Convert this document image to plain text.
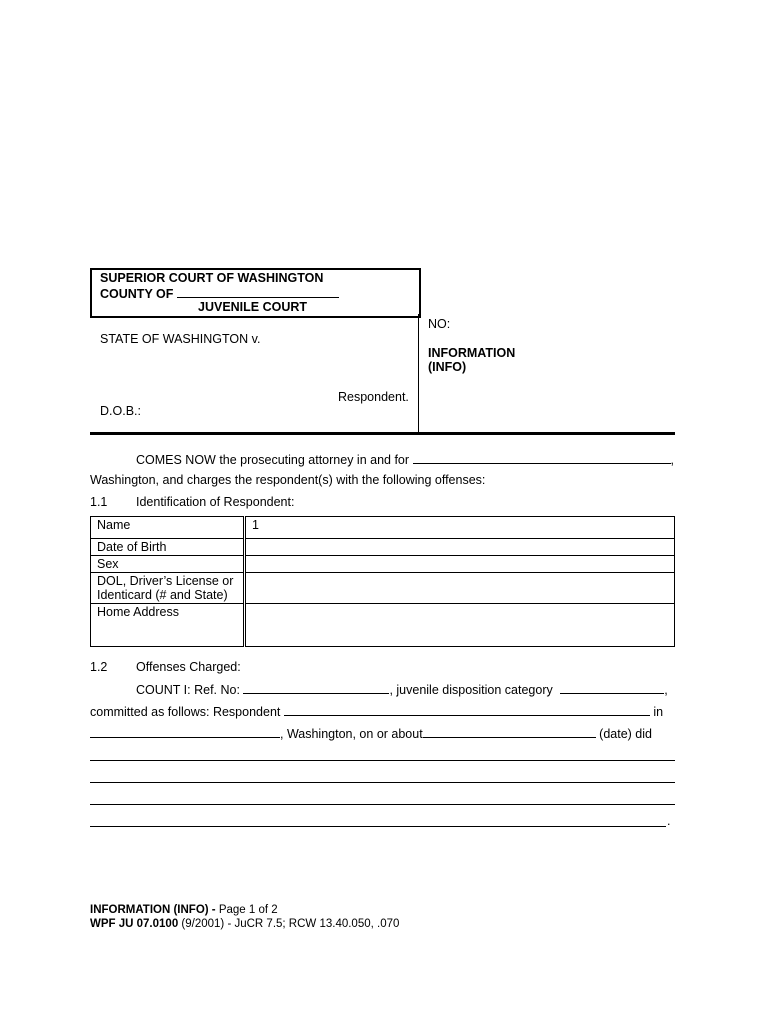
SUPERIOR COURT OF WASHINGTON
COUNTY OF
JUVENILE COURT
STATE OF WASHINGTON v.
Respondent.
D.O.B.:
NO:
INFORMATION
(INFO)
COMES NOW the prosecuting attorney in and for	,
Washington, and charges the respondent(s) with the following offenses:
1.1 Identification of Respondent:
Name	1
Date of Birth	
Sex	
DOL, Driver’s License or Identicard (# and State)	
Home Address	
1.2 Offenses Charged:
COUNT I: Ref. No:	, juvenile disposition category	,
committed as follows: Respondent	in
, Washington, on or about	(date) did
.
INFORMATION (INFO) - Page 1 of 2
WPF JU 07.0100 (9/2001) - JuCR 7.5; RCW 13.40.050, .070
